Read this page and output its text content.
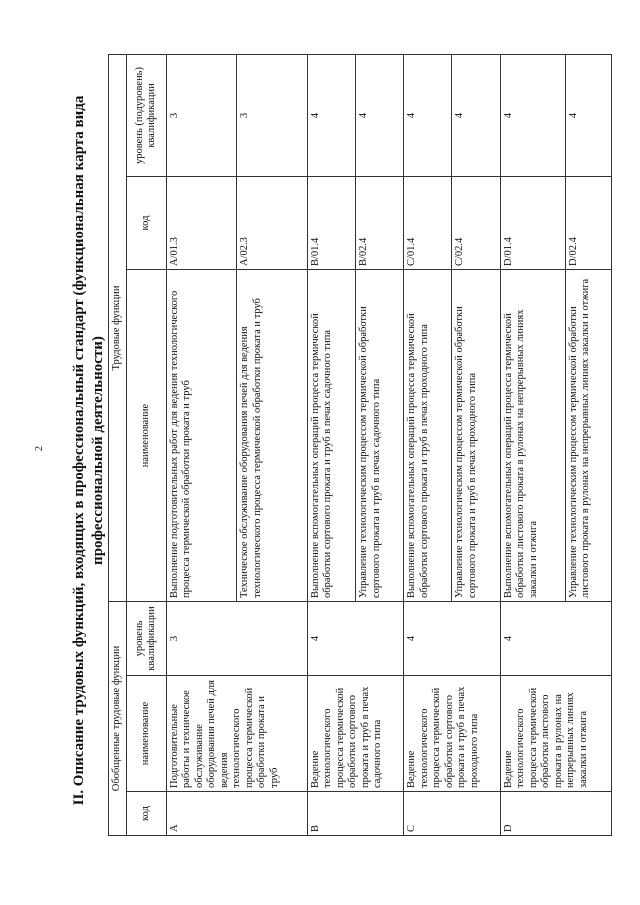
2 II. Описание трудовых функций, входящих в профессиональный стандарт (функциональная карта вида профессиональной деятельности)
Обобщенные трудовые функции			Трудовые функции		
код	наименование	уровень квалификации	наименование	код	уровень (подуровень) квалификации
A	Подготовительные работы и техническое обслуживание оборудования печей для ведения технологического процесса термической обработки проката и труб	3	Выполнение подготовительных работ для ведения технологического процесса термической обработки проката и труб	A/01.3	3
			Техническое обслуживание оборудования печей для ведения технологического процесса термической обработки проката и труб	A/02.3	3
B	Ведение технологического процесса термической обработки сортового проката и труб в печах садочного типа	4	Выполнение вспомогательных операций процесса термической обработки сортового проката и труб в печах садочного типа	B/01.4	4
			Управление технологическим процессом термической обработки сортового проката и труб в печах садочного типа	B/02.4	4
C	Ведение технологического процесса термической обработки сортового проката и труб в печах проходного типа	4	Выполнение вспомогательных операций процесса термической обработки сортового проката и труб в печах проходного типа	C/01.4	4
			Управление технологическим процессом термической обработки сортового проката и труб в печах проходного типа	C/02.4	4
D	Ведение технологического процесса термической обработки листового проката в рулонах на непрерывных линиях закалки и отжига	4	Выполнение вспомогательных операций процесса термической обработки листового проката в рулонах на непрерывных линиях закалки и отжига	D/01.4	4
			Управление технологическим процессом термической обработки листового проката в рулонах на непрерывных линиях закалки и отжига	D/02.4	4
